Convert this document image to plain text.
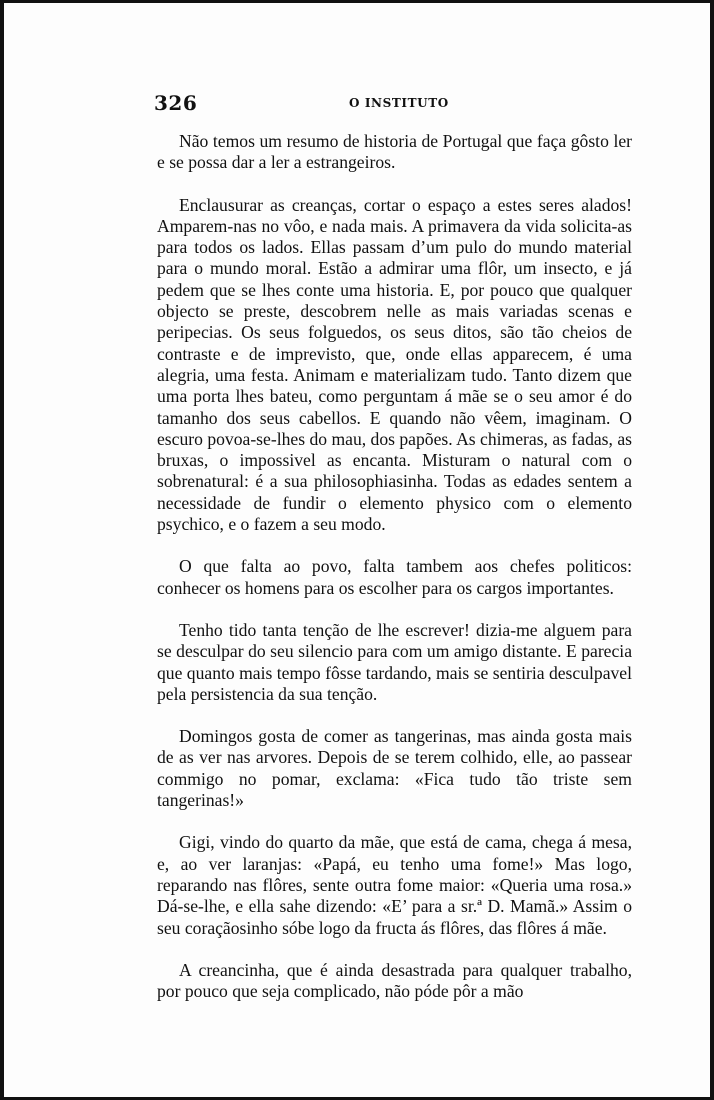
326	O INSTITUTO

Não temos um resumo de historia de Portugal que faça gôsto ler e se possa dar a ler a estrangeiros.

Enclausurar as creanças, cortar o espaço a estes seres alados! Amparem-nas no vôo, e nada mais. A primavera da vida solicita-as para todos os lados. Ellas passam d’um pulo do mundo material para o mundo moral. Estão a admirar uma flôr, um insecto, e já pedem que se lhes conte uma historia. E, por pouco que qualquer objecto se preste, descobrem nelle as mais variadas scenas e peripecias. Os seus folguedos, os seus ditos, são tão cheios de contraste e de imprevisto, que, onde ellas apparecem, é uma alegria, uma festa. Animam e materializam tudo. Tanto dizem que uma porta lhes bateu, como perguntam á mãe se o seu amor é do tamanho dos seus cabellos. E quando não vêem, imaginam. O escuro povoa-se-lhes do mau, dos papões. As chimeras, as fadas, as bruxas, o impossivel as encanta. Misturam o natural com o sobrenatural: é a sua philosophiasinha. Todas as edades sentem a necessidade de fundir o elemento physico com o elemento psychico, e o fazem a seu modo.

O que falta ao povo, falta tambem aos chefes politicos: conhecer os homens para os escolher para os cargos importantes.

Tenho tido tanta tenção de lhe escrever! dizia-me alguem para se desculpar do seu silencio para com um amigo distante. E parecia que quanto mais tempo fôsse tardando, mais se sentiria desculpavel pela persistencia da sua tenção.

Domingos gosta de comer as tangerinas, mas ainda gosta mais de as ver nas arvores. Depois de se terem colhido, elle, ao passear commigo no pomar, exclama: «Fica tudo tão triste sem tangerinas!»

Gigi, vindo do quarto da mãe, que está de cama, chega á mesa, e, ao ver laranjas: «Papá, eu tenho uma fome!» Mas logo, reparando nas flôres, sente outra fome maior: «Queria uma rosa.» Dá-se-lhe, e ella sahe dizendo: «E’ para a sr.ª D. Mamã.» Assim o seu coraçãosinho sóbe logo da fructa ás flôres, das flôres á mãe.

A creancinha, que é ainda desastrada para qualquer trabalho, por pouco que seja complicado, não póde pôr a mão
